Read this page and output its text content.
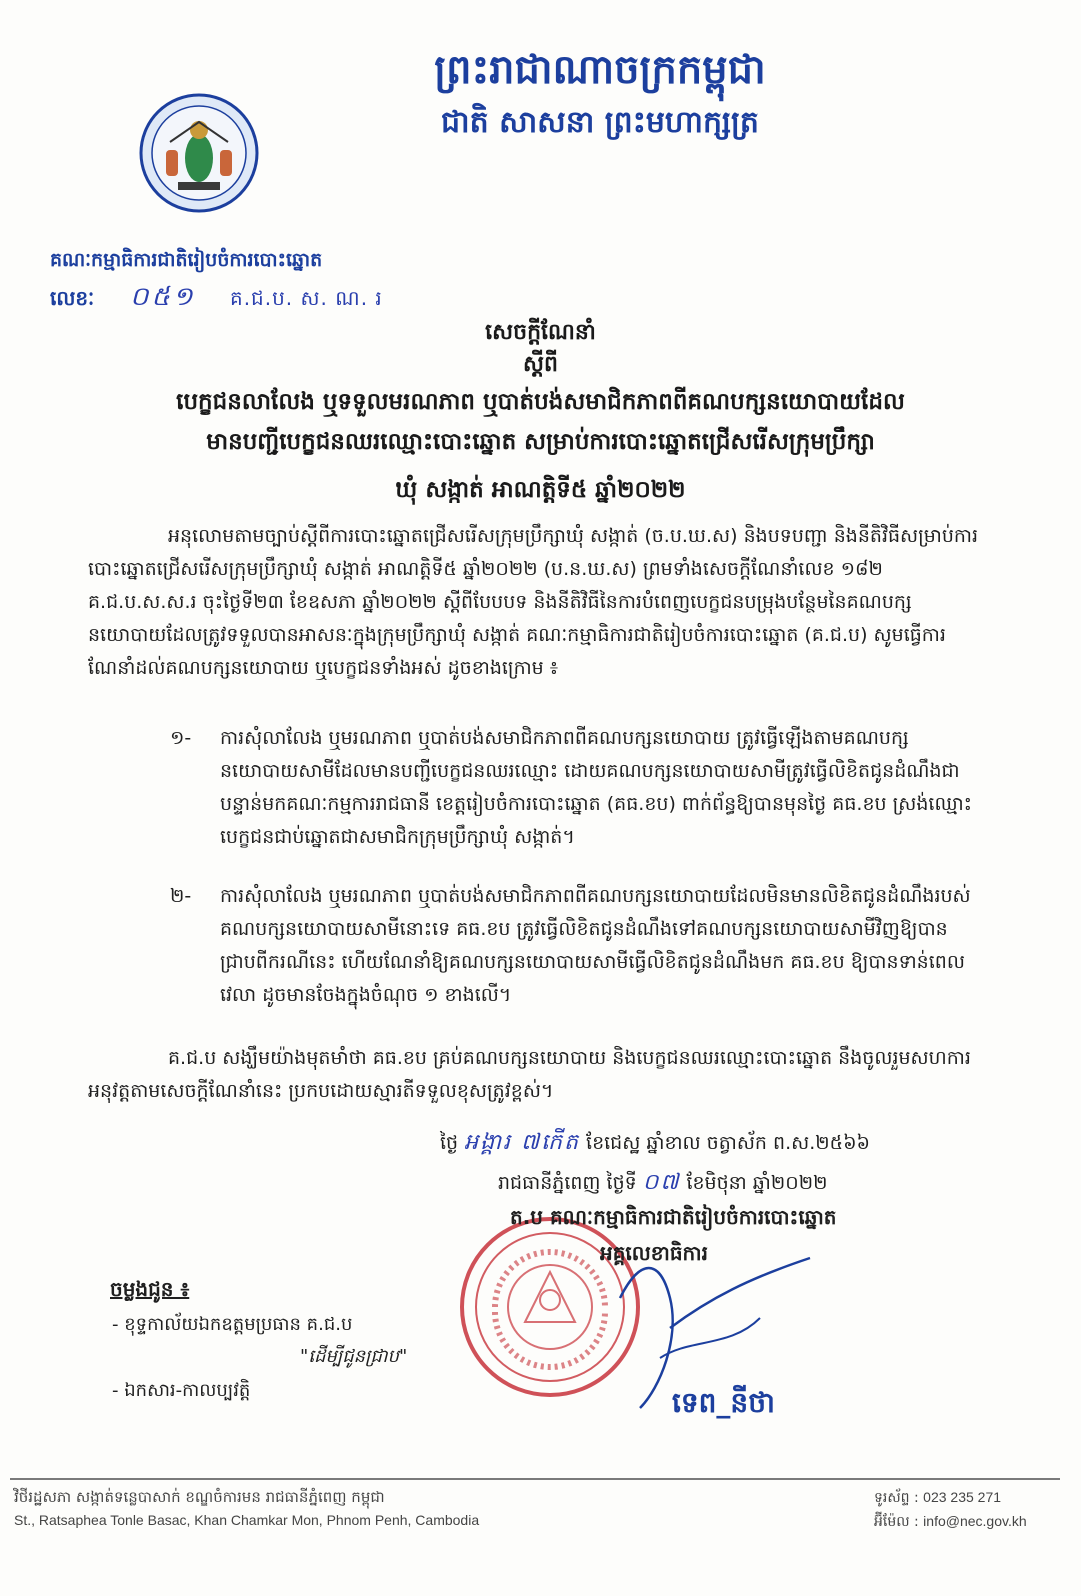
ព្រះរាជាណាចក្រកម្ពុជា
ជាតិ សាសនា ព្រះមហាក្សត្រ
គណៈកម្មាធិការជាតិរៀបចំការបោះឆ្នោត
លេខៈ ០៥១ គ.ជ.ប. ស. ណ. រ
សេចក្តីណែនាំ
ស្តីពី
បេក្ខជនលាលែង ឬទទួលមរណភាព ឬបាត់បង់សមាជិកភាពពីគណបក្សនយោបាយដែល
មានបញ្ជីបេក្ខជនឈរឈ្មោះបោះឆ្នោត សម្រាប់ការបោះឆ្នោតជ្រើសរើសក្រុមប្រឹក្សា
ឃុំ សង្កាត់ អាណត្តិទី៥ ឆ្នាំ២០២២
អនុលោមតាមច្បាប់ស្តីពីការបោះឆ្នោតជ្រើសរើសក្រុមប្រឹក្សាឃុំ សង្កាត់ (ច.ប.ឃ.ស) និងបទបញ្ជា និងនីតិវិធីសម្រាប់ការបោះឆ្នោតជ្រើសរើសក្រុមប្រឹក្សាឃុំ សង្កាត់ អាណត្តិទី៥ ឆ្នាំ២០២២ (ប.ន.ឃ.ស) ព្រមទាំងសេចក្តីណែនាំលេខ ១៨២ គ.ជ.ប.ស.ស.រ ចុះថ្ងៃទី២៣ ខែឧសភា ឆ្នាំ២០២២ ស្តីពីបែបបទ និងនីតិវិធីនៃការបំពេញបេក្ខជនបម្រុងបន្ថែមនៃគណបក្សនយោបាយដែលត្រូវទទួលបានអាសនៈក្នុងក្រុមប្រឹក្សាឃុំ សង្កាត់ គណៈកម្មាធិការជាតិរៀបចំការបោះឆ្នោត (គ.ជ.ប) សូមធ្វើការណែនាំដល់គណបក្សនយោបាយ ឬបេក្ខជនទាំងអស់ ដូចខាងក្រោម ៖
១- ការសុំលាលែង ឬមរណភាព ឬបាត់បង់សមាជិកភាពពីគណបក្សនយោបាយ ត្រូវធ្វើឡើងតាមគណបក្សនយោបាយសាមីដែលមានបញ្ជីបេក្ខជនឈរឈ្មោះ ដោយគណបក្សនយោបាយសាមីត្រូវធ្វើលិខិតជូនដំណឹងជាបន្ទាន់មកគណៈកម្មការរាជធានី ខេត្តរៀបចំការបោះឆ្នោត (គធ.ខប) ពាក់ព័ន្ធឱ្យបានមុនថ្ងៃ គធ.ខប ស្រង់ឈ្មោះបេក្ខជនជាប់ឆ្នោតជាសមាជិកក្រុមប្រឹក្សាឃុំ សង្កាត់។
២- ការសុំលាលែង ឬមរណភាព ឬបាត់បង់សមាជិកភាពពីគណបក្សនយោបាយដែលមិនមានលិខិតជូនដំណឹងរបស់គណបក្សនយោបាយសាមីនោះទេ គធ.ខប ត្រូវធ្វើលិខិតជូនដំណឹងទៅគណបក្សនយោបាយសាមីវិញឱ្យបានជ្រាបពីករណីនេះ ហើយណែនាំឱ្យគណបក្សនយោបាយសាមីធ្វើលិខិតជូនដំណឹងមក គធ.ខប ឱ្យបានទាន់ពេលវេលា ដូចមានចែងក្នុងចំណុច ១ ខាងលើ។
គ.ជ.ប សង្ឃឹមយ៉ាងមុតមាំថា គធ.ខប គ្រប់គណបក្សនយោបាយ និងបេក្ខជនឈរឈ្មោះបោះឆ្នោត នឹងចូលរួមសហការអនុវត្តតាមសេចក្តីណែនាំនេះ ប្រកបដោយស្មារតីទទួលខុសត្រូវខ្ពស់។
ថ្ងៃ អង្គារ ៧កើត ខែជេស្ឋ ឆ្នាំខាល ចត្វាស័ក ព.ស.២៥៦៦
រាជធានីភ្នំពេញ ថ្ងៃទី ០៧ ខែមិថុនា ឆ្នាំ២០២២
ត.ប គណៈកម្មាធិការជាតិរៀបចំការបោះឆ្នោត
អគ្គលេខាធិការ
ទេព_នីថា
ចម្លងជូន ៖
- ខុទ្ទកាល័យឯកឧត្តមប្រធាន គ.ជ.ប
"ដើម្បីជូនជ្រាប"
- ឯកសារ-កាលប្បវត្តិ
វិថីរដ្ឋសភា សង្កាត់ទន្លេបាសាក់ ខណ្ឌចំការមន រាជធានីភ្នំពេញ កម្ពុជា
St., Ratsaphea Tonle Basac, Khan Chamkar Mon, Phnom Penh, Cambodia
ទូរស័ព្ទ : 023 235 271
អ៊ីម៉ែល : info@nec.gov.kh
